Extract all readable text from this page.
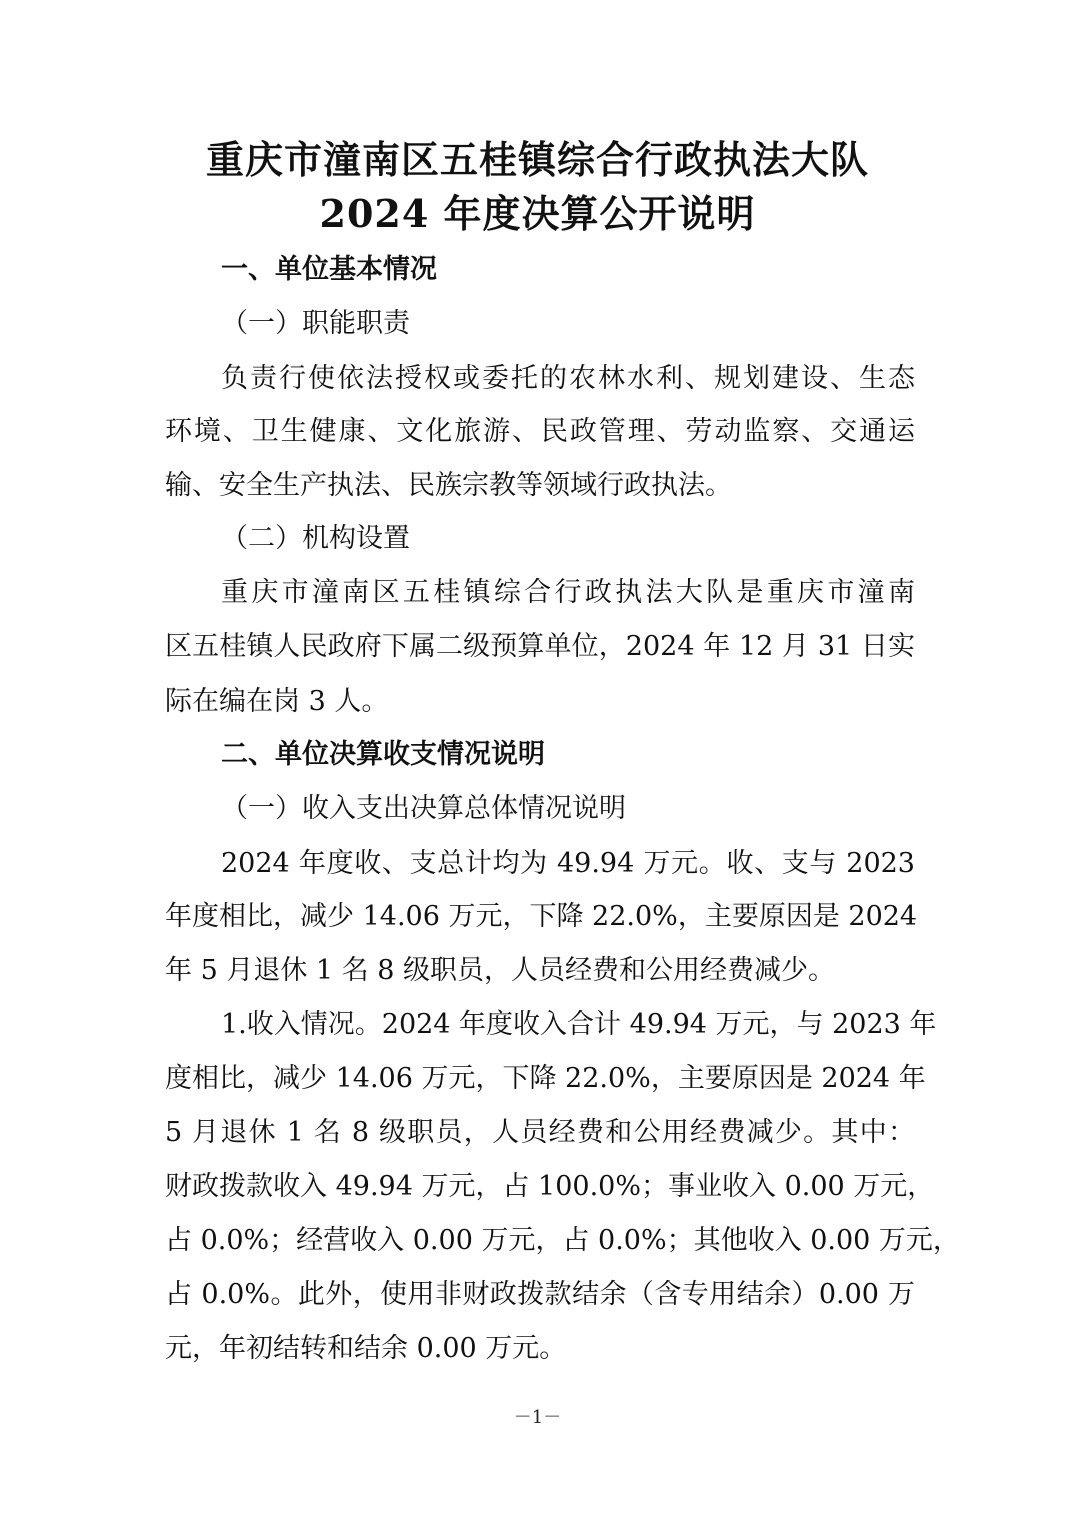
重庆市潼南区五桂镇综合行政执法大队
2024 年度决算公开说明
一、单位基本情况
（一）职能职责
负责行使依法授权或委托的农林水利、规划建设、生态
环境、卫生健康、文化旅游、民政管理、劳动监察、交通运
输、安全生产执法、民族宗教等领域行政执法。
（二）机构设置
重庆市潼南区五桂镇综合行政执法大队是重庆市潼南
区五桂镇人民政府下属二级预算单位，2024 年 12 月 31 日实
际在编在岗 3 人。
二、单位决算收支情况说明
（一）收入支出决算总体情况说明
2024 年度收、支总计均为 49.94 万元。收、支与 2023
年度相比，减少 14.06 万元，下降 22.0%，主要原因是 2024
年 5 月退休 1 名 8 级职员，人员经费和公用经费减少。
1.收入情况。2024 年度收入合计 49.94 万元，与 2023 年
度相比，减少 14.06 万元，下降 22.0%，主要原因是 2024 年
5 月退休 1 名 8 级职员，人员经费和公用经费减少。其中：
财政拨款收入 49.94 万元，占 100.0%；事业收入 0.00 万元，
占 0.0%；经营收入 0.00 万元，占 0.0%；其他收入 0.00 万元，
占 0.0%。此外，使用非财政拨款结余（含专用结余）0.00 万
元，年初结转和结余 0.00 万元。
－1－
